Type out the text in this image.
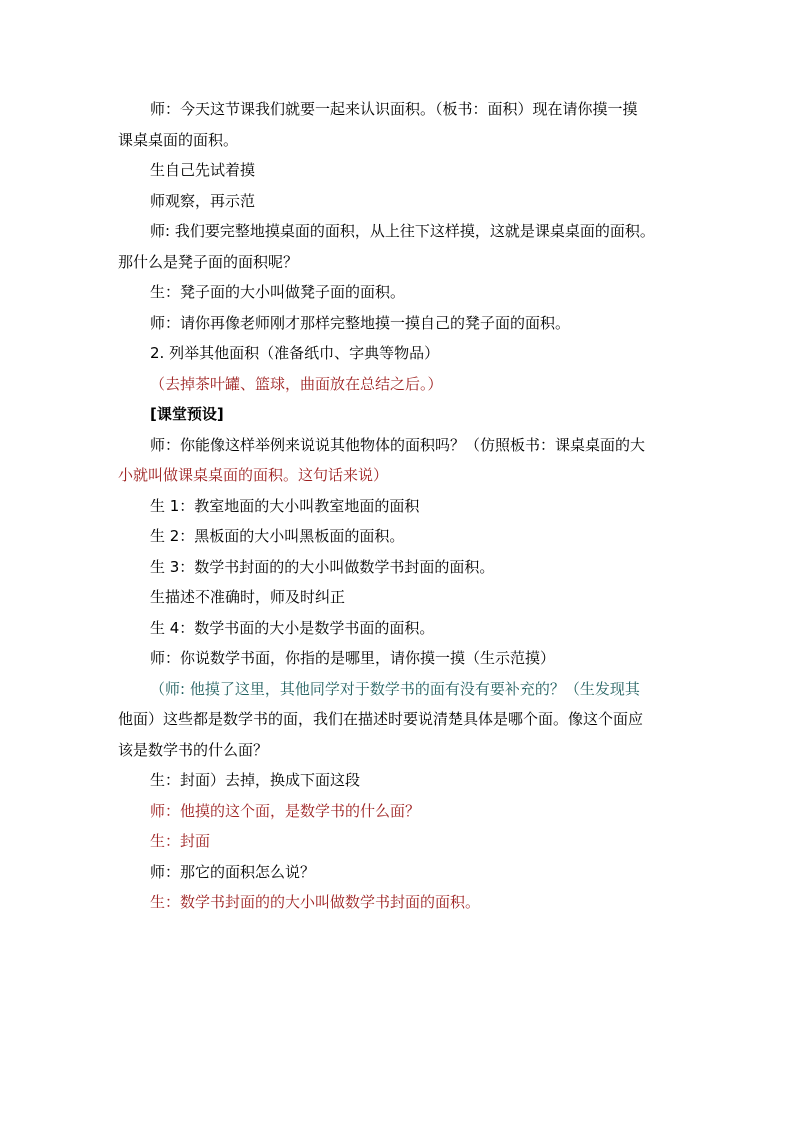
师：今天这节课我们就要一起来认识面积。（板书：面积）现在请你摸一摸
课桌桌面的面积。
生自己先试着摸
师观察，再示范
师: 我们要完整地摸桌面的面积，从上往下这样摸，这就是课桌桌面的面积。
那什么是凳子面的面积呢？
生：凳子面的大小叫做凳子面的面积。
师：请你再像老师刚才那样完整地摸一摸自己的凳子面的面积。
2. 列举其他面积（准备纸巾、字典等物品）
（去掉茶叶罐、篮球，曲面放在总结之后。）
[课堂预设]
师：你能像这样举例来说说其他物体的面积吗？（仿照板书：课桌桌面的大
小就叫做课桌桌面的面积。这句话来说）
生 1：教室地面的大小叫教室地面的面积
生 2：黑板面的大小叫黑板面的面积。
生 3：数学书封面的的大小叫做数学书封面的面积。
生描述不准确时，师及时纠正
生 4：数学书面的大小是数学书面的面积。
师：你说数学书面，你指的是哪里，请你摸一摸（生示范摸）
（师: 他摸了这里，其他同学对于数学书的面有没有要补充的？（生发现其
他面）这些都是数学书的面，我们在描述时要说清楚具体是哪个面。像这个面应
该是数学书的什么面？
生：封面）去掉，换成下面这段
师：他摸的这个面，是数学书的什么面？
生：封面
师：那它的面积怎么说？
生：数学书封面的的大小叫做数学书封面的面积。
